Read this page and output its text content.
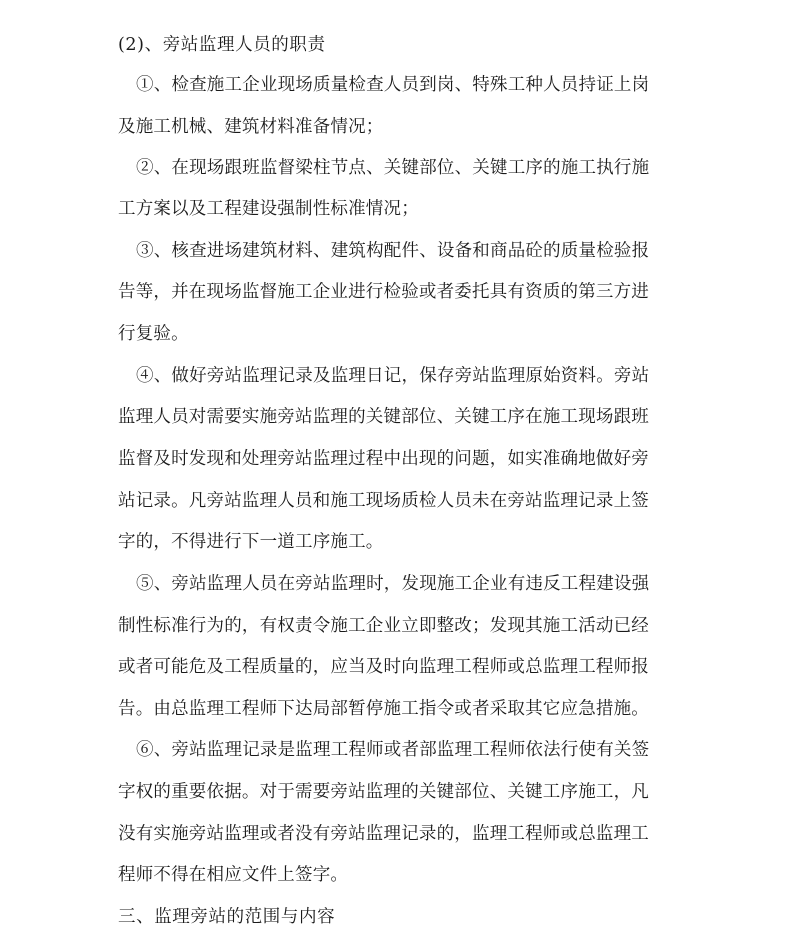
(2)、旁站监理人员的职责
①、检查施工企业现场质量检查人员到岗、特殊工种人员持证上岗
及施工机械、建筑材料准备情况；
②、在现场跟班监督梁柱节点、关键部位、关键工序的施工执行施
工方案以及工程建设强制性标准情况；
③、核查进场建筑材料、建筑构配件、设备和商品砼的质量检验报
告等，并在现场监督施工企业进行检验或者委托具有资质的第三方进
行复验。
④、做好旁站监理记录及监理日记，保存旁站监理原始资料。旁站
监理人员对需要实施旁站监理的关键部位、关键工序在施工现场跟班
监督及时发现和处理旁站监理过程中出现的问题，如实准确地做好旁
站记录。凡旁站监理人员和施工现场质检人员未在旁站监理记录上签
字的，不得进行下一道工序施工。
⑤、旁站监理人员在旁站监理时，发现施工企业有违反工程建设强
制性标准行为的，有权责令施工企业立即整改；发现其施工活动已经
或者可能危及工程质量的，应当及时向监理工程师或总监理工程师报
告。由总监理工程师下达局部暂停施工指令或者采取其它应急措施。
⑥、旁站监理记录是监理工程师或者部监理工程师依法行使有关签
字权的重要依据。对于需要旁站监理的关键部位、关键工序施工，凡
没有实施旁站监理或者没有旁站监理记录的，监理工程师或总监理工
程师不得在相应文件上签字。
三、监理旁站的范围与内容
